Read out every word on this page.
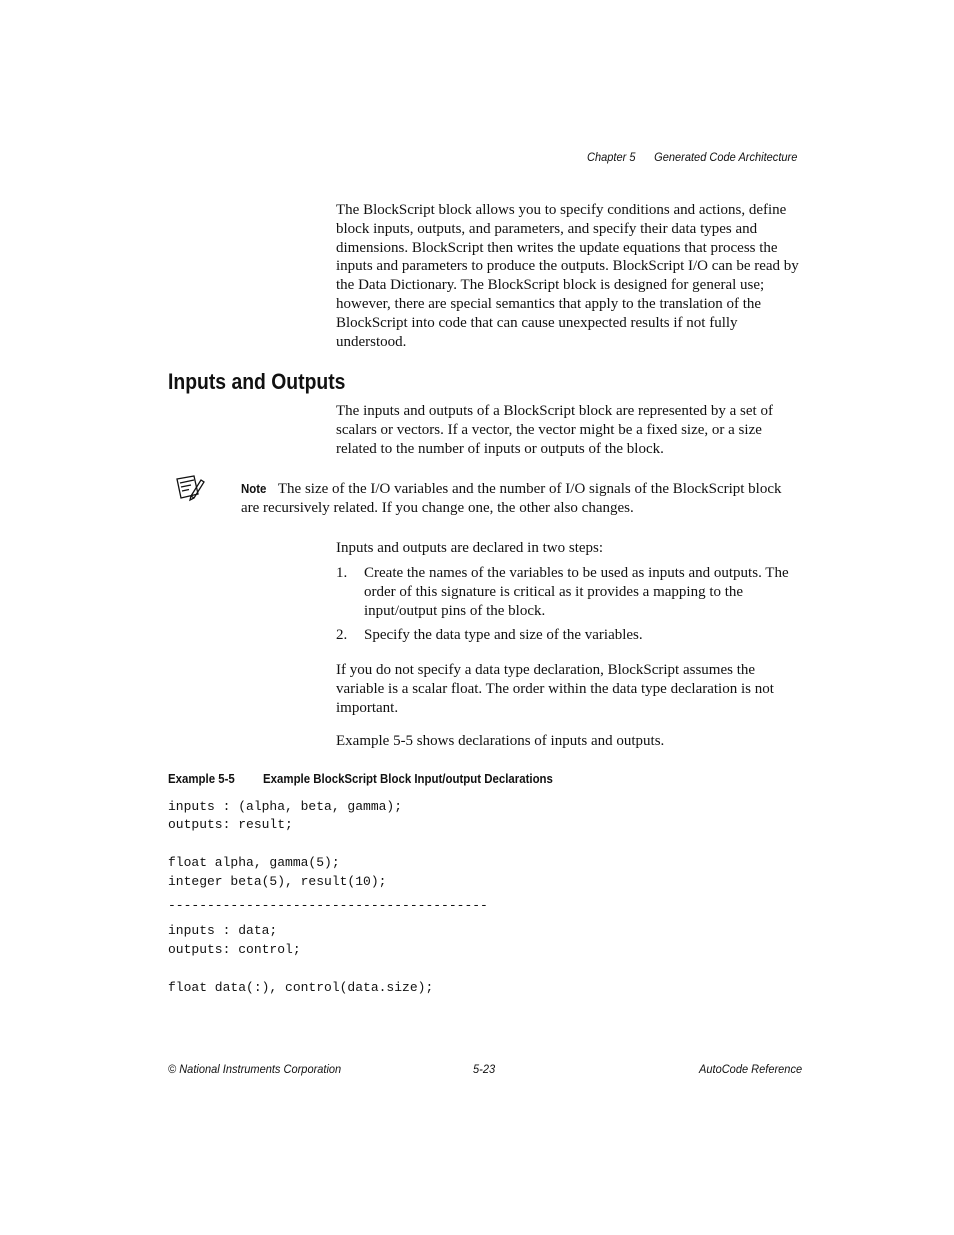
Chapter 5 Generated Code Architecture

The BlockScript block allows you to specify conditions and actions, define block inputs, outputs, and parameters, and specify their data types and dimensions. BlockScript then writes the update equations that process the inputs and parameters to produce the outputs. BlockScript I/O can be read by the Data Dictionary. The BlockScript block is designed for general use; however, there are special semantics that apply to the translation of the BlockScript into code that can cause unexpected results if not fully understood.

Inputs and Outputs

The inputs and outputs of a BlockScript block are represented by a set of scalars or vectors. If a vector, the vector might be a fixed size, or a size related to the number of inputs or outputs of the block.

Note The size of the I/O variables and the number of I/O signals of the BlockScript block are recursively related. If you change one, the other also changes.

Inputs and outputs are declared in two steps:

1. Create the names of the variables to be used as inputs and outputs. The order of this signature is critical as it provides a mapping to the input/output pins of the block.
2. Specify the data type and size of the variables.

If you do not specify a data type declaration, BlockScript assumes the variable is a scalar float. The order within the data type declaration is not important.

Example 5-5 shows declarations of inputs and outputs.

Example 5-5 Example BlockScript Block Input/output Declarations
inputs : (alpha, beta, gamma);
outputs: result;
float alpha, gamma(5);
integer beta(5), result(10);
-----------------------------------------
inputs : data;
outputs: control;
float data(:), control(data.size);
© National Instruments Corporation	5-23	AutoCode Reference
